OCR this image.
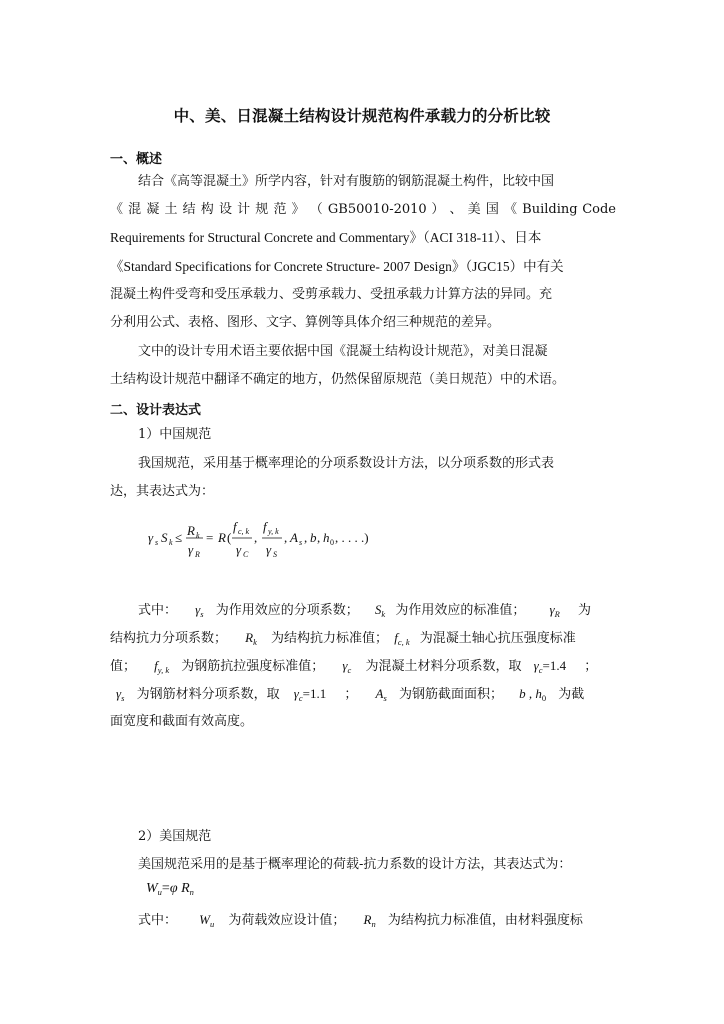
中、美、日混凝土结构设计规范构件承载力的分析比较
一、概述
结合《高等混凝土》所学内容，针对有腹筋的钢筋混凝土构件，比较中国
《 混 凝 土 结 构 设 计 规 范 》 （ GB50010-2010 ） 、 美 国 《 Building Code
Requirements for Structural Concrete and Commentary》（ACI 318-11）、日本
《Standard Specifications for Concrete Structure- 2007 Design》（JGC15）中有关
混凝土构件受弯和受压承载力、受剪承载力、受扭承载力计算方法的异同。充
分利用公式、表格、图形、文字、算例等具体介绍三种规范的差异。
文中的设计专用术语主要依据中国《混凝土结构设计规范》，对美日混凝
土结构设计规范中翻译不确定的地方，仍然保留原规范（美日规范）中的术语。
二、设计表达式
1）中国规范
我国规范，采用基于概率理论的分项系数设计方法，以分项系数的形式表
达，其表达式为：
γ s S k ≤ R k
γ R
= R (
f c, k
γ C
,
f y, k
γ S
, A s , b , h 0 , . . . .)
式中： $\gamma_s$ 为作用效应的分项系数； $S_k$ 为作用效应的标准值； $\gamma_R$ 为
结构抗力分项系数； $R_k$ 为结构抗力标准值； $f_{c, k}$ 为混凝土轴心抗压强度标准
值； $f_{y, k}$ 为钢筋抗拉强度标准值； $\gamma_c$ 为混凝土材料分项系数，取 $\gamma_c=1.4$ ；
$\gamma_s$ 为钢筋材料分项系数，取 $\gamma_c=1.1$ ； $A_s$ 为钢筋截面面积； b , $h_0$ 为截
面宽度和截面有效高度。
2）美国规范
美国规范采用的是基于概率理论的荷载-抗力系数的设计方法，其表达式为：
$W_u=\varphi$ $R_n$
式中： $W_u$ 为荷载效应设计值； $R_n$ 为结构抗力标准值，由材料强度标
